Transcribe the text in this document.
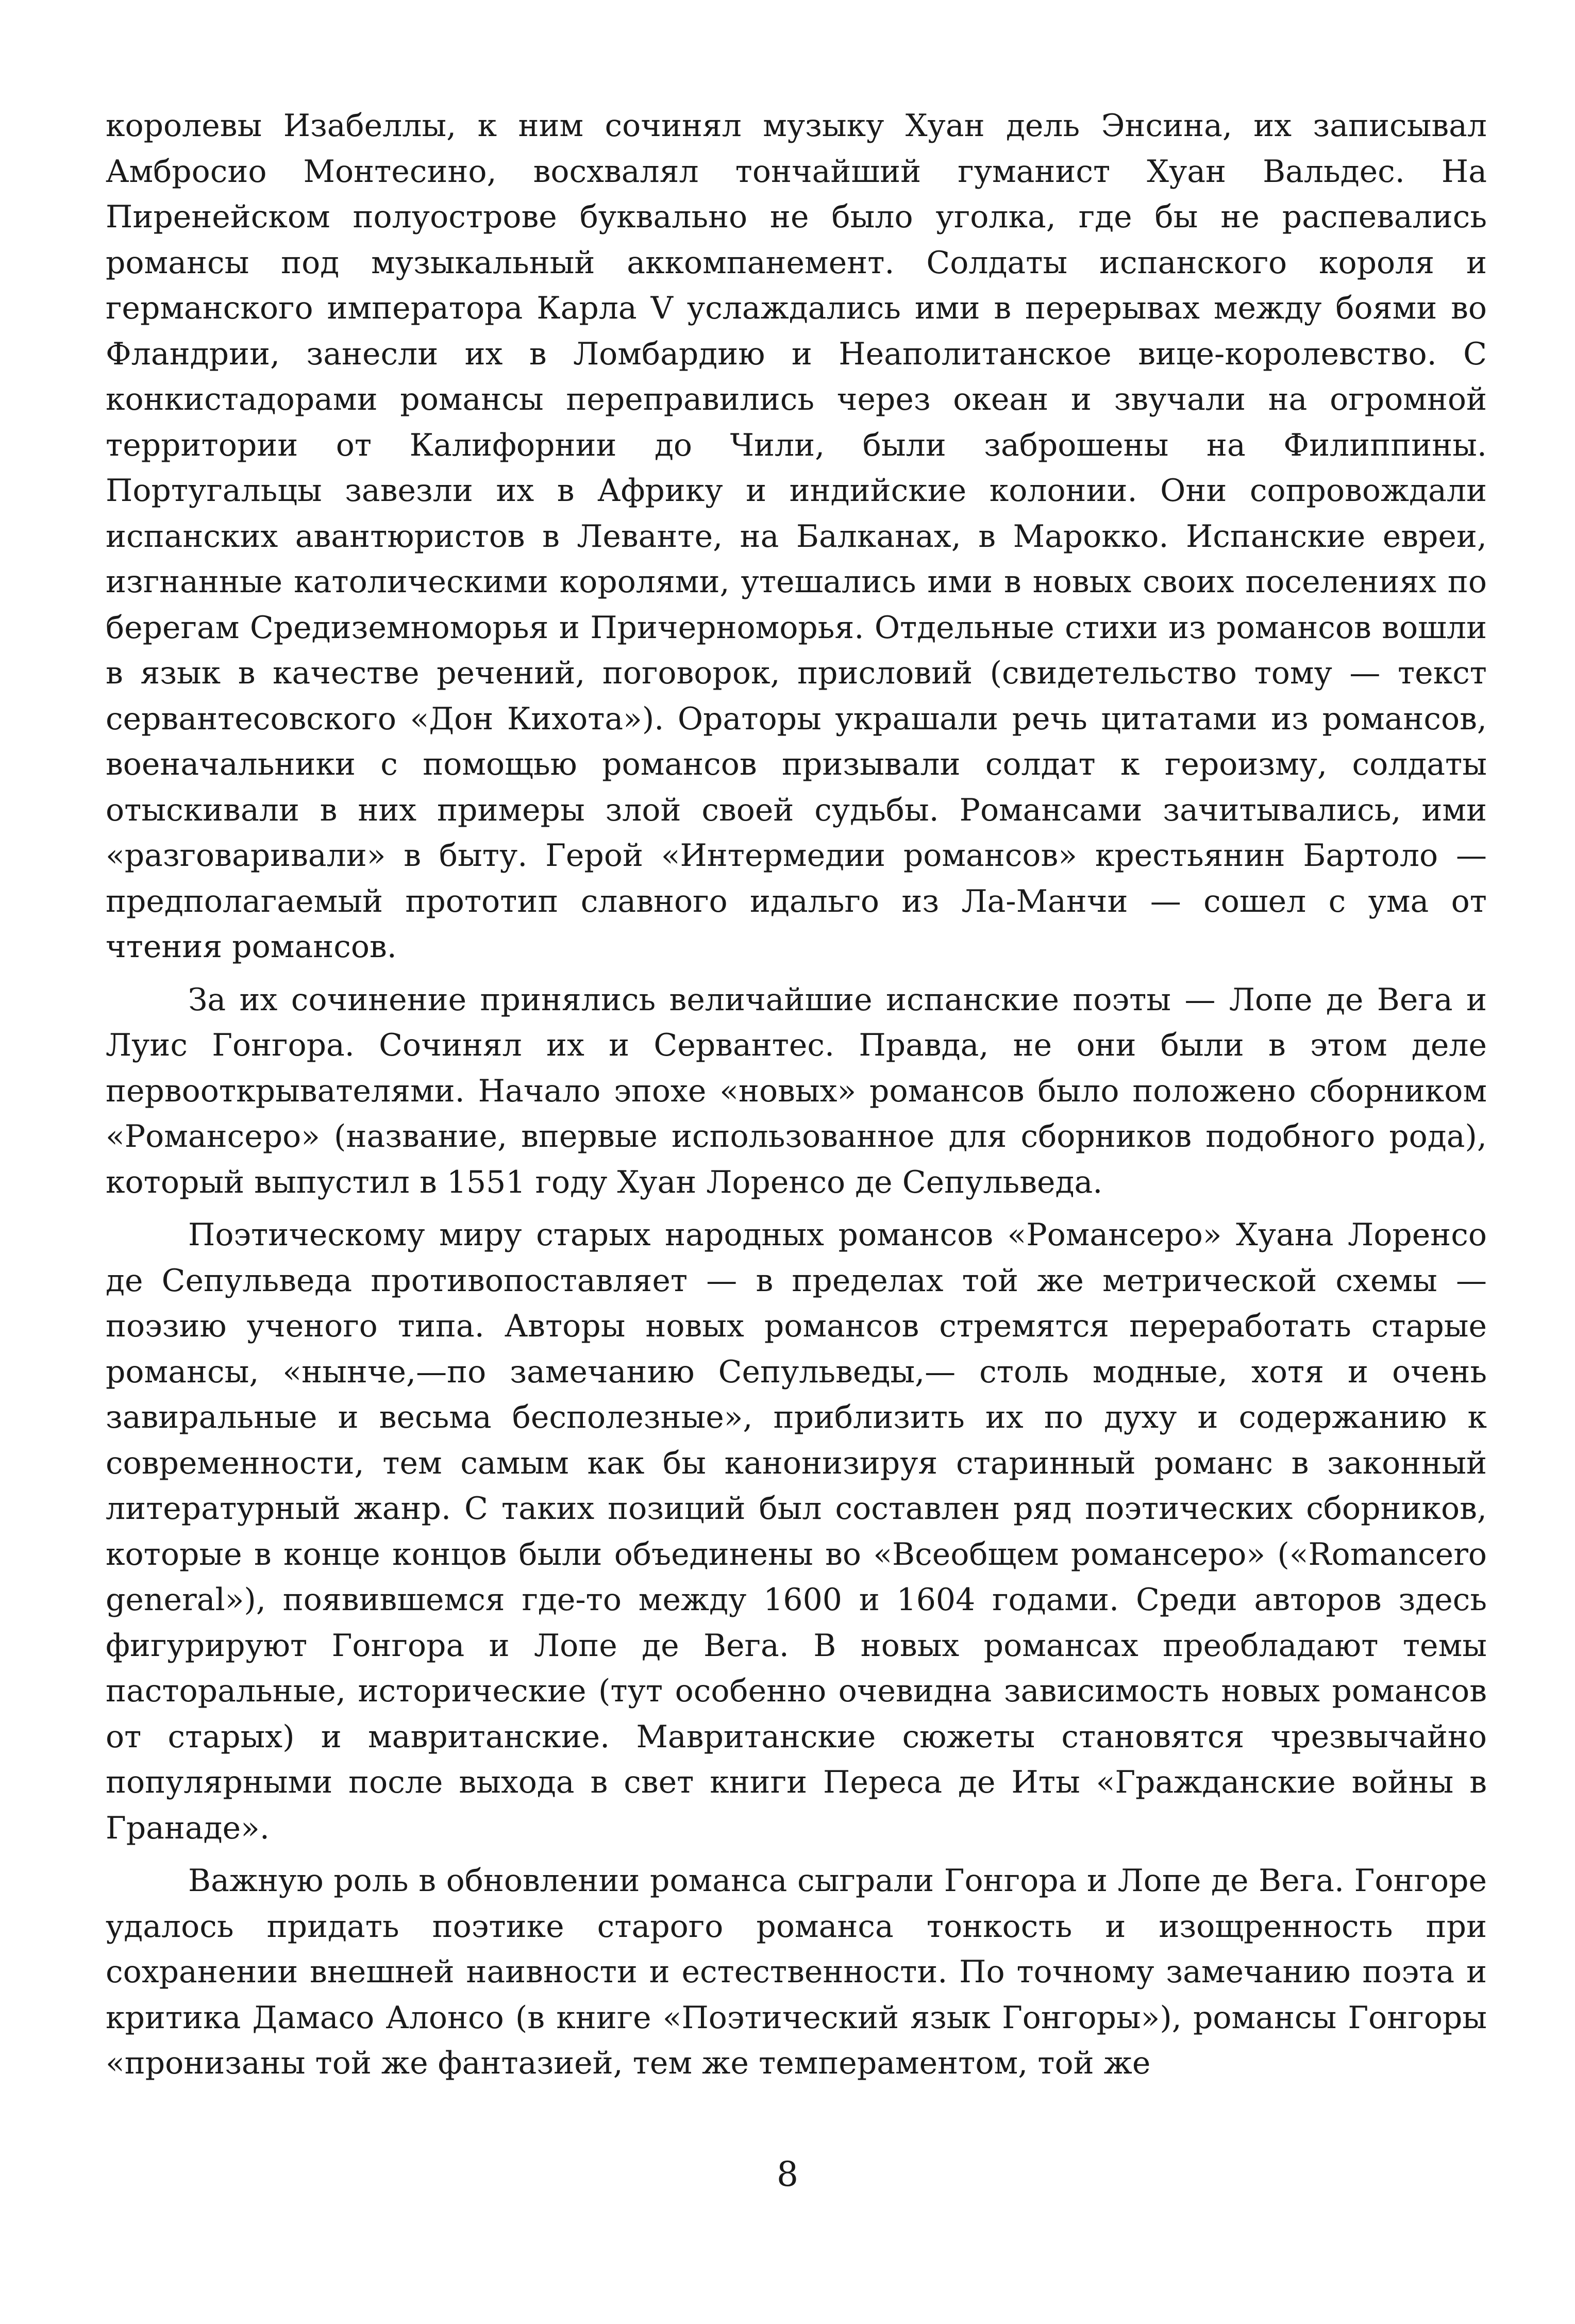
королевы Изабеллы, к ним сочинял музыку Хуан дель Энсина, их записывал Амбросио Монтесино, восхвалял тончайший гуманист Хуан Вальдес. На Пиренейском полуострове буквально не было уголка, где бы не распевались романсы под музыкальный аккомпанемент. Солдаты испанского короля и германского императора Карла V услаждались ими в перерывах между боями во Фландрии, занесли их в Ломбардию и Неаполитанское вице-королевство. С конкистадорами романсы переправились через океан и звучали на огромной территории от Калифорнии до Чили, были заброшены на Филиппины. Португальцы завезли их в Африку и индийские колонии. Они сопровождали испанских авантюристов в Леванте, на Балканах, в Марокко. Испанские евреи, изгнанные католическими королями, утешались ими в новых своих поселениях по берегам Средиземноморья и Причерноморья. Отдельные стихи из романсов вошли в язык в качестве речений, поговорок, присловий (свидетельство тому — текст сервантесовского «Дон Кихота»). Ораторы украшали речь цитатами из романсов, военачальники с помощью романсов призывали солдат к героизму, солдаты отыскивали в них примеры злой своей судьбы. Романсами зачитывались, ими «разговаривали» в быту. Герой «Интермедии романсов» крестьянин Бартоло — предполагаемый прототип славного идальго из Ла-Манчи — сошел с ума от чтения романсов.

За их сочинение принялись величайшие испанские поэты — Лопе де Вега и Луис Гонгора. Сочинял их и Сервантес. Правда, не они были в этом деле первооткрывателями. Начало эпохе «новых» романсов было положено сборником «Романсеро» (название, впервые использованное для сборников подобного рода), который выпустил в 1551 году Хуан Лоренсо де Сепульведа.

Поэтическому миру старых народных романсов «Романсеро» Хуана Лоренсо де Сепульведа противопоставляет — в пределах той же метрической схемы — поэзию ученого типа. Авторы новых романсов стремятся переработать старые романсы, «нынче,—по замечанию Сепульведы,— столь модные, хотя и очень завиральные и весьма бесполезные», приблизить их по духу и содержанию к современности, тем самым как бы канонизируя старинный романс в законный литературный жанр. С таких позиций был составлен ряд поэтических сборников, которые в конце концов были объединены во «Всеобщем романсеро» («Romancero general»), появившемся где-то между 1600 и 1604 годами. Среди авторов здесь фигурируют Гонгора и Лопе де Вега. В новых романсах преобладают темы пасторальные, исторические (тут особенно очевидна зависимость новых романсов от старых) и мавританские. Мавританские сюжеты становятся чрезвычайно популярными после выхода в свет книги Переса де Иты «Гражданские войны в Гранаде».

Важную роль в обновлении романса сыграли Гонгора и Лопе де Вега. Гонгоре удалось придать поэтике старого романса тонкость и изощренность при сохранении внешней наивности и естественности. По точному замечанию поэта и критика Дамасо Алонсо (в книге «Поэтический язык Гонгоры»), романсы Гонгоры «пронизаны той же фантазией, тем же темпераментом, той же

8
